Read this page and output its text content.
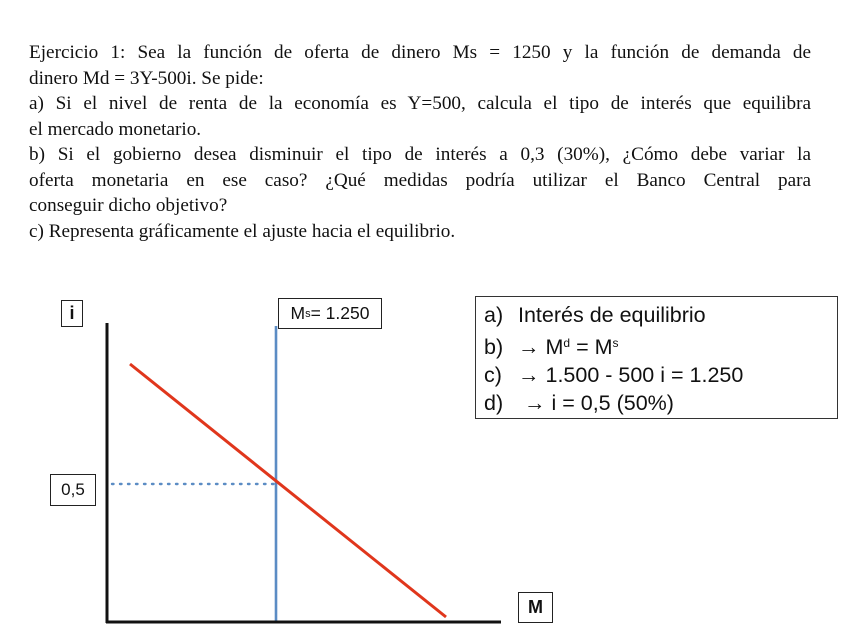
Ejercicio 1: Sea la función de oferta de dinero Ms = 1250 y la función de demanda de

dinero Md = 3Y-500i. Se pide:

a) Si el nivel de renta de la economía es Y=500, calcula el tipo de interés que equilibra

el mercado monetario.

b) Si el gobierno desea disminuir el tipo de interés a 0,3 (30%), ¿Cómo debe variar la

oferta monetaria en ese caso? ¿Qué medidas podría utilizar el Banco Central para

conseguir dicho objetivo?

c) Representa gráficamente el ajuste hacia el equilibrio.

i	M s = 1.250
0,5
M
a) Interés de equilibrio
$b) \to M^d = M^s$
c) → 1.500 - 500 i = 1.250
d) → i = 0,5 (50%)
